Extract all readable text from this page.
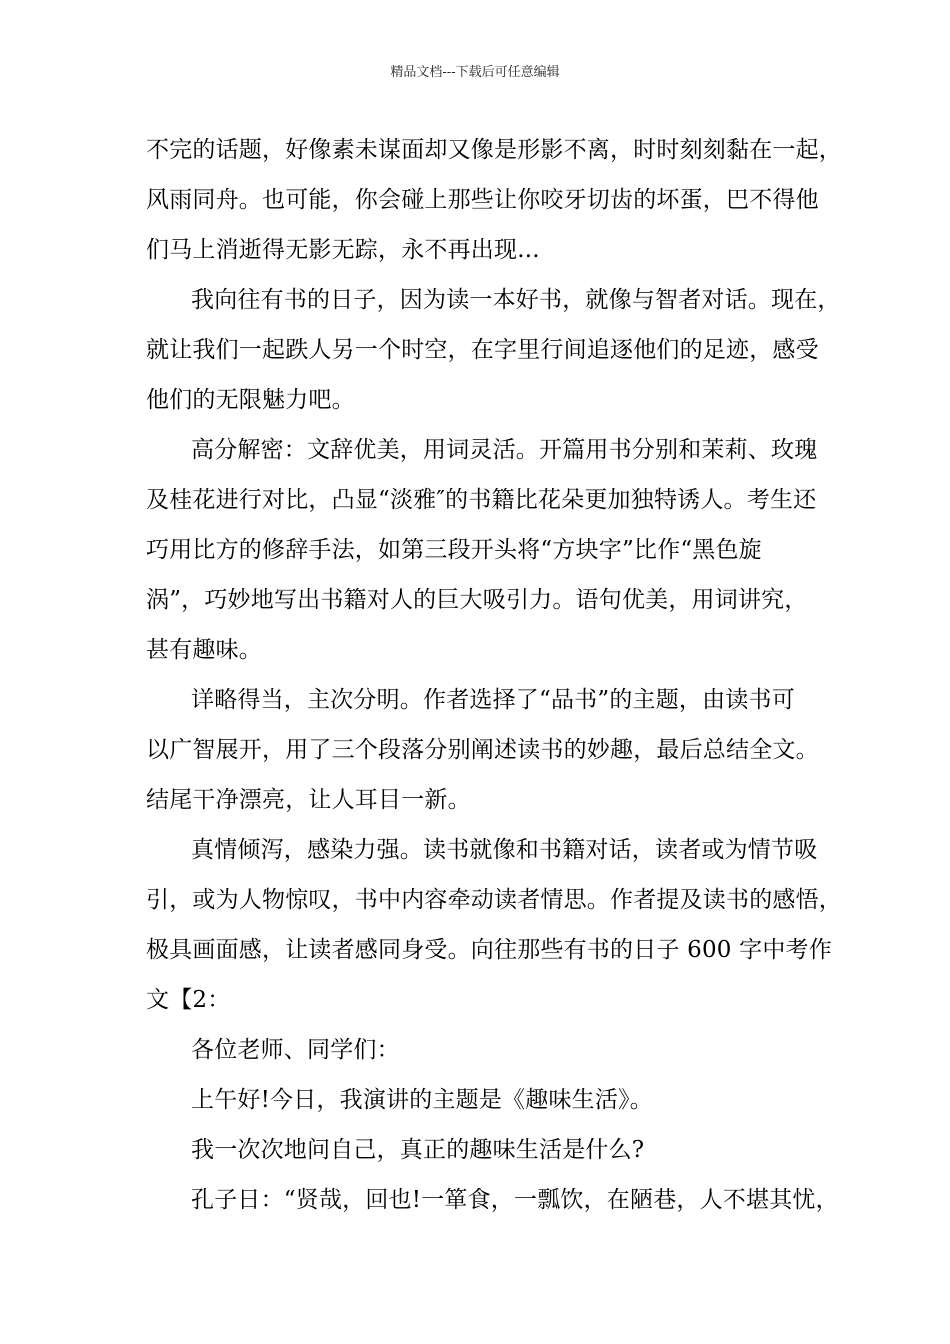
精品文档---下载后可任意编辑
不完的话题，好像素未谋面却又像是形影不离，时时刻刻黏在一起，
风雨同舟。也可能，你会碰上那些让你咬牙切齿的坏蛋，巴不得他
们马上消逝得无影无踪，永不再出现...
我向往有书的日子，因为读一本好书，就像与智者对话。现在，
就让我们一起跌人另一个时空，在字里行间追逐他们的足迹，感受
他们的无限魅力吧。
高分解密：文辞优美，用词灵活。开篇用书分别和茉莉、玫瑰
及桂花进行对比，凸显“淡雅″的书籍比花朵更加独特诱人。考生还
巧用比方的修辞手法，如第三段开头将“方块字”比作“黑色旋
涡”，巧妙地写出书籍对人的巨大吸引力。语句优美，用词讲究，
甚有趣味。
详略得当，主次分明。作者选择了“品书”的主题，由读书可
以广智展开，用了三个段落分别阐述读书的妙趣，最后总结全文。
结尾干净漂亮，让人耳目一新。
真情倾泻，感染力强。读书就像和书籍对话，读者或为情节吸
引，或为人物惊叹，书中内容牵动读者情思。作者提及读书的感悟，
极具画面感，让读者感同身受。向往那些有书的日子 600 字中考作
文【2：
各位老师、同学们：
上午好!今日，我演讲的主题是《趣味生活》。
我一次次地问自己，真正的趣味生活是什么?
孔子日：“贤哉，回也!一箪食，一瓢饮，在陋巷，人不堪其忧，
